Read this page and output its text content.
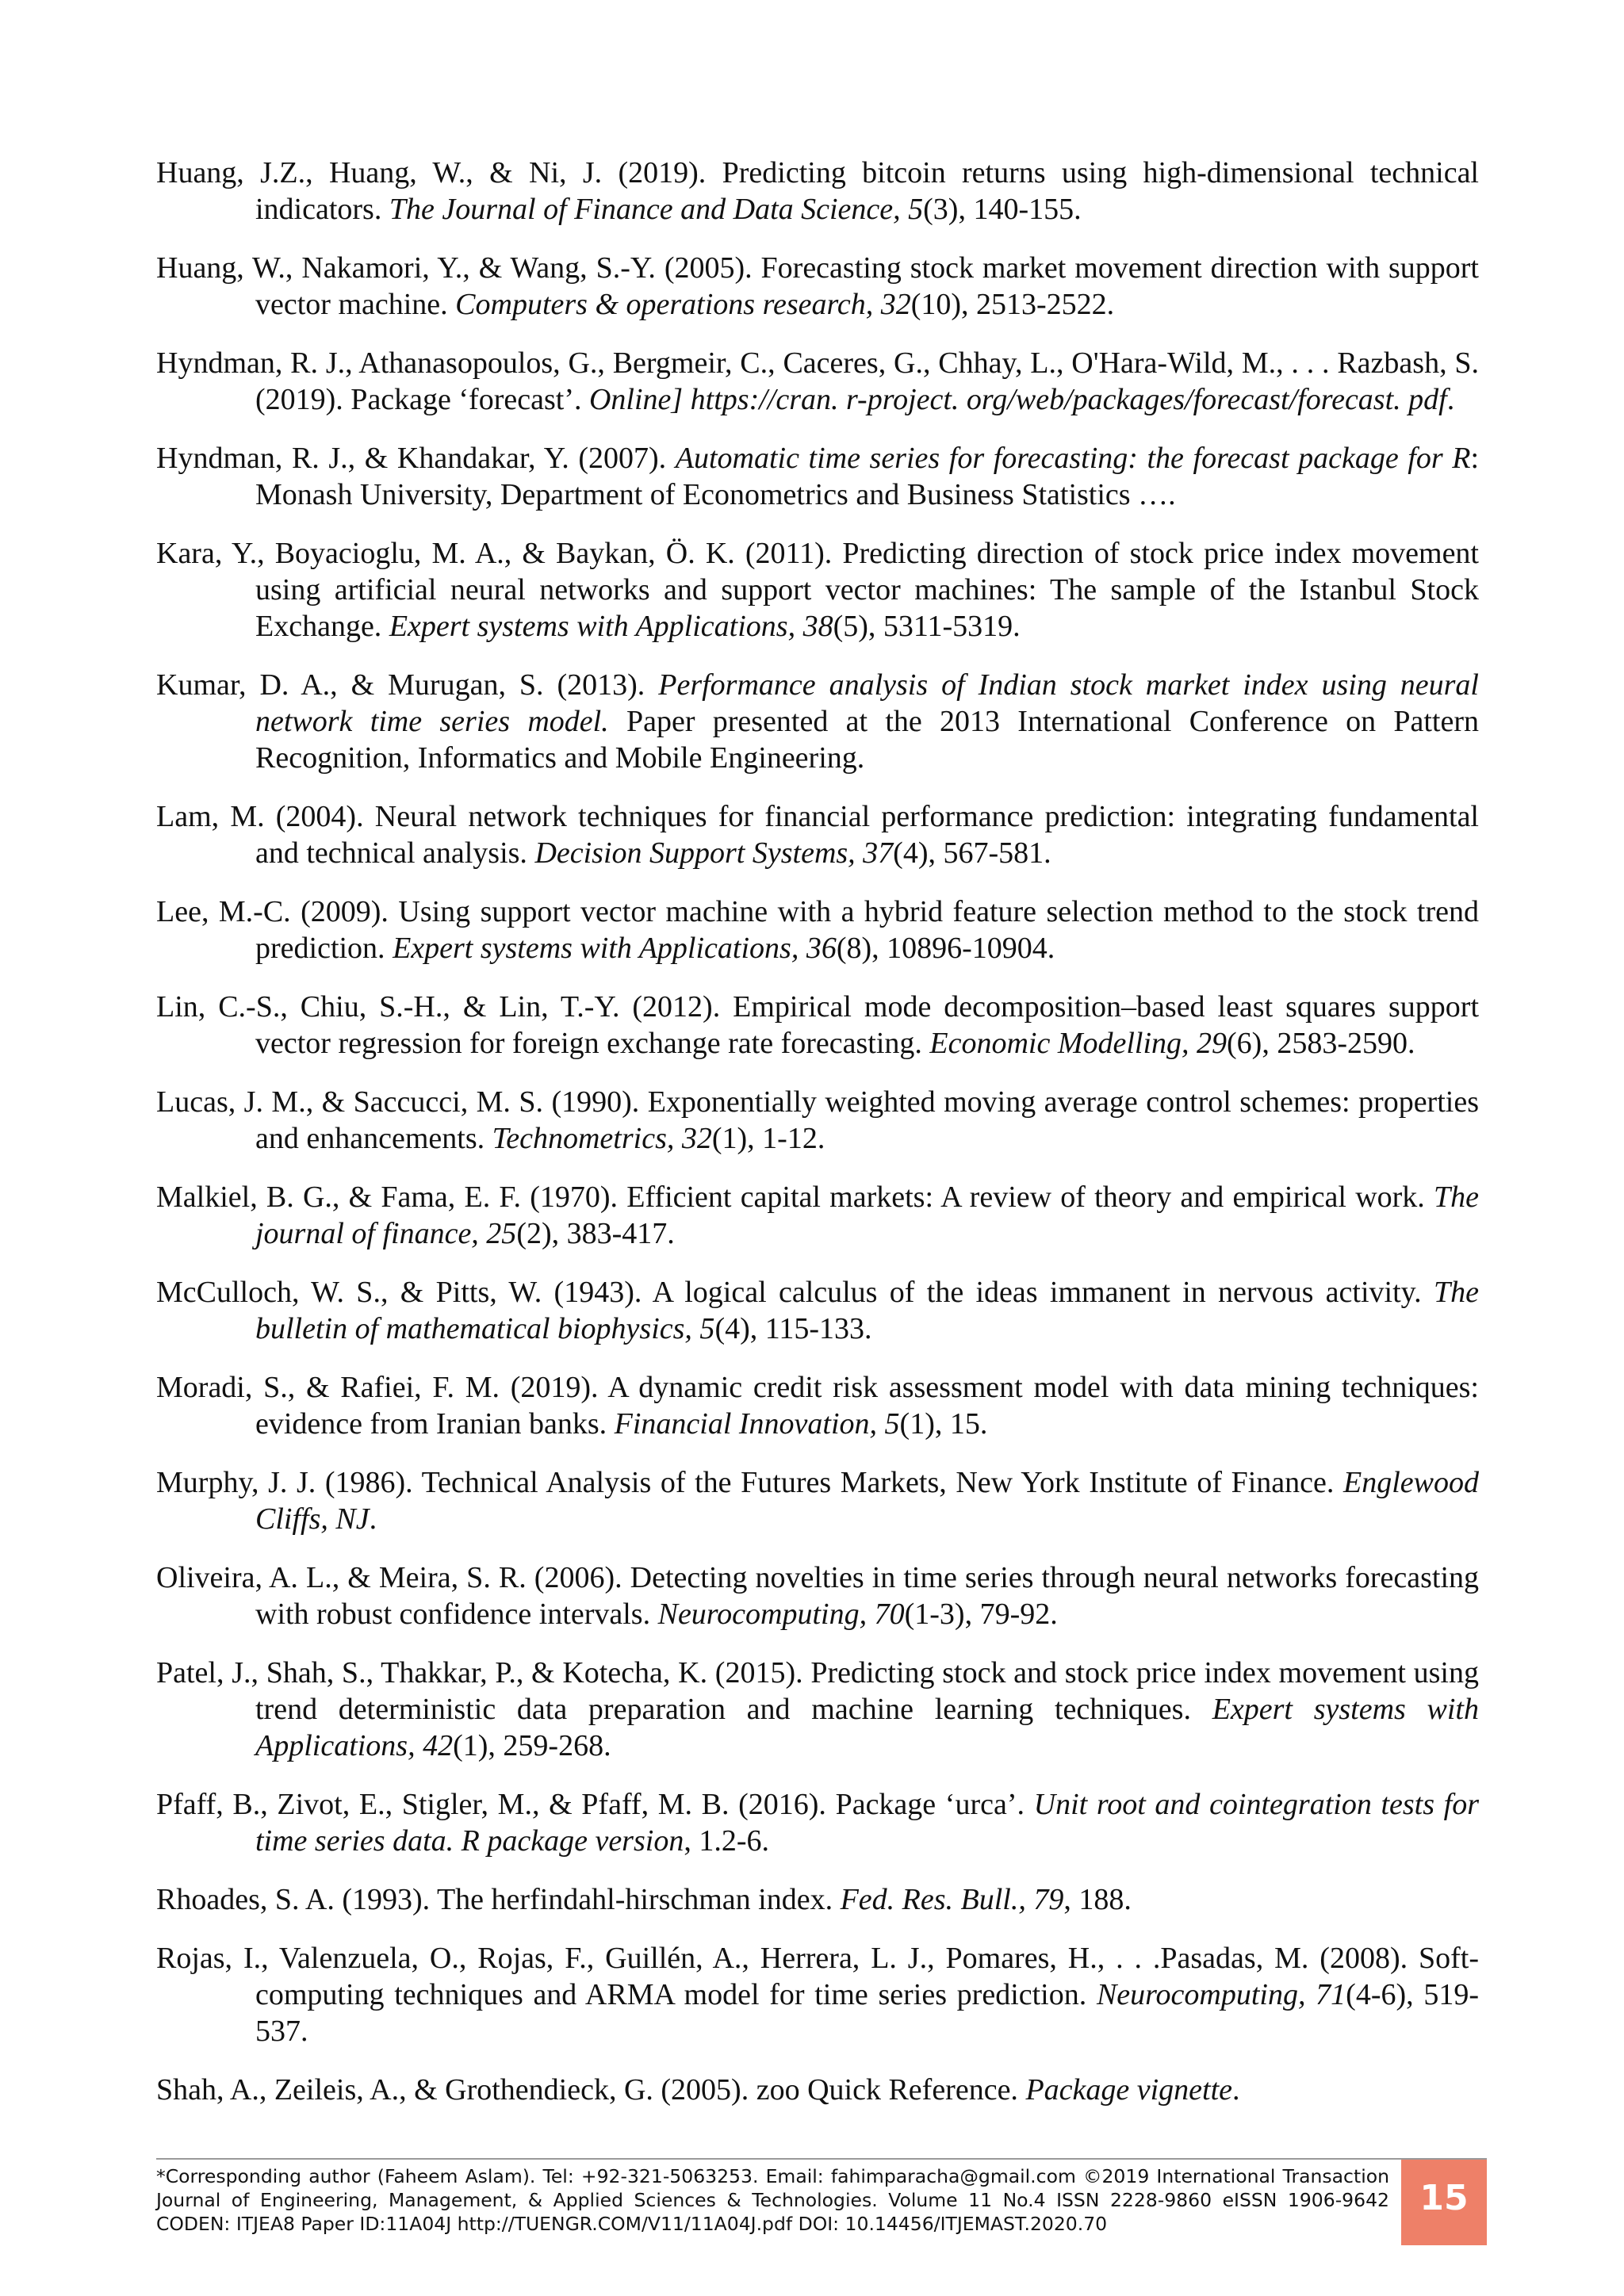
Huang, J.Z., Huang, W., & Ni, J. (2019). Predicting bitcoin returns using high-dimensional technical indicators. The Journal of Finance and Data Science, 5(3), 140-155.

Huang, W., Nakamori, Y., & Wang, S.-Y. (2005). Forecasting stock market movement direction with support vector machine. Computers & operations research, 32(10), 2513-2522.

Hyndman, R. J., Athanasopoulos, G., Bergmeir, C., Caceres, G., Chhay, L., O'Hara-Wild, M., . . . Razbash, S. (2019). Package ‘forecast’. Online] https://cran. r-project. org/web/packages/forecast/forecast. pdf.

Hyndman, R. J., & Khandakar, Y. (2007). Automatic time series for forecasting: the forecast package for R: Monash University, Department of Econometrics and Business Statistics ….

Kara, Y., Boyacioglu, M. A., & Baykan, Ö. K. (2011). Predicting direction of stock price index movement using artificial neural networks and support vector machines: The sample of the Istanbul Stock Exchange. Expert systems with Applications, 38(5), 5311-5319.

Kumar, D. A., & Murugan, S. (2013). Performance analysis of Indian stock market index using neural network time series model. Paper presented at the 2013 International Conference on Pattern Recognition, Informatics and Mobile Engineering.

Lam, M. (2004). Neural network techniques for financial performance prediction: integrating fundamental and technical analysis. Decision Support Systems, 37(4), 567-581.

Lee, M.-C. (2009). Using support vector machine with a hybrid feature selection method to the stock trend prediction. Expert systems with Applications, 36(8), 10896-10904.

Lin, C.-S., Chiu, S.-H., & Lin, T.-Y. (2012). Empirical mode decomposition–based least squares support vector regression for foreign exchange rate forecasting. Economic Modelling, 29(6), 2583-2590.

Lucas, J. M., & Saccucci, M. S. (1990). Exponentially weighted moving average control schemes: properties and enhancements. Technometrics, 32(1), 1-12.

Malkiel, B. G., & Fama, E. F. (1970). Efficient capital markets: A review of theory and empirical work. The journal of finance, 25(2), 383-417.

McCulloch, W. S., & Pitts, W. (1943). A logical calculus of the ideas immanent in nervous activity. The bulletin of mathematical biophysics, 5(4), 115-133.

Moradi, S., & Rafiei, F. M. (2019). A dynamic credit risk assessment model with data mining techniques: evidence from Iranian banks. Financial Innovation, 5(1), 15.

Murphy, J. J. (1986). Technical Analysis of the Futures Markets, New York Institute of Finance. Englewood Cliffs, NJ.

Oliveira, A. L., & Meira, S. R. (2006). Detecting novelties in time series through neural networks forecasting with robust confidence intervals. Neurocomputing, 70(1-3), 79-92.

Patel, J., Shah, S., Thakkar, P., & Kotecha, K. (2015). Predicting stock and stock price index movement using trend deterministic data preparation and machine learning techniques. Expert systems with Applications, 42(1), 259-268.

Pfaff, B., Zivot, E., Stigler, M., & Pfaff, M. B. (2016). Package ‘urca’. Unit root and cointegration tests for time series data. R package version, 1.2-6.

Rhoades, S. A. (1993). The herfindahl-hirschman index. Fed. Res. Bull., 79, 188.

Rojas, I., Valenzuela, O., Rojas, F., Guillén, A., Herrera, L. J., Pomares, H., . . .Pasadas, M. (2008). Soft-computing techniques and ARMA model for time series prediction. Neurocomputing, 71(4-6), 519-537.

Shah, A., Zeileis, A., & Grothendieck, G. (2005). zoo Quick Reference. Package vignette.

*Corresponding author (Faheem Aslam). Tel: +92-321-5063253. Email: fahimparacha@gmail.com ©2019 International Transaction Journal of Engineering, Management, & Applied Sciences & Technologies. Volume 11 No.4 ISSN 2228-9860 eISSN 1906-9642 CODEN: ITJEA8 Paper ID:11A04J http://TUENGR.COM/V11/11A04J.pdf DOI: 10.14456/ITJEMAST.2020.70
15
